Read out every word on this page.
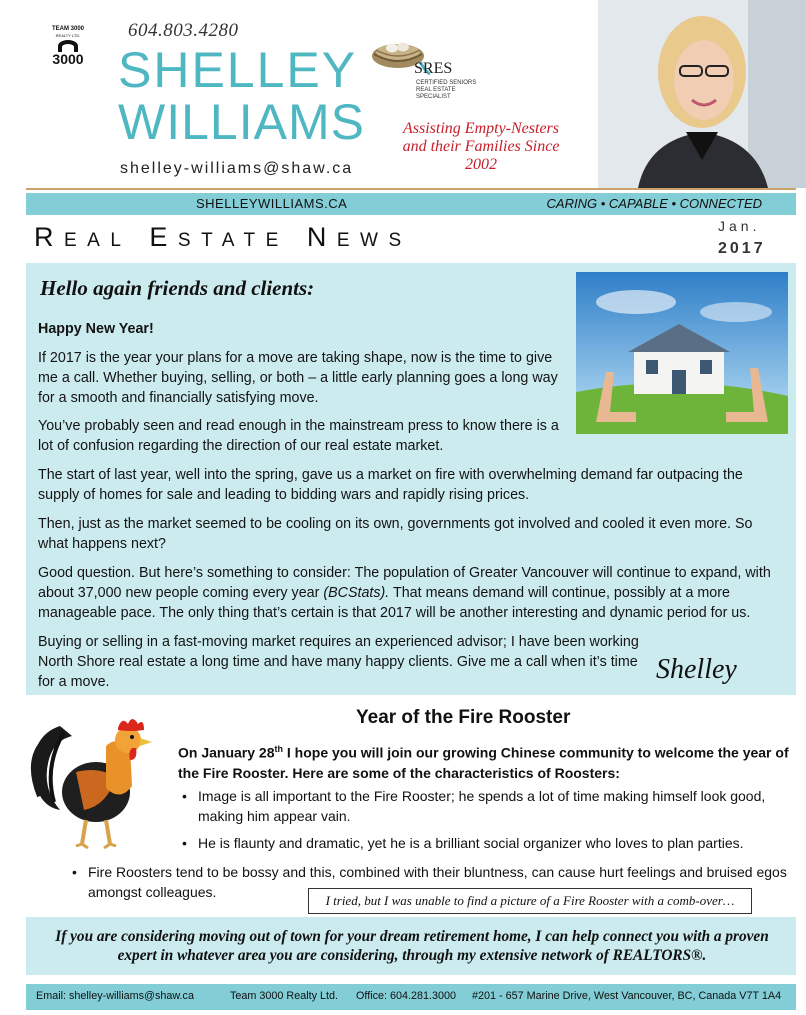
TEAM 3000
REALTY LTD.
3000
604.803.4280
SHELLEY
WILLIAMS
shelley-williams@shaw.ca
SRES
CERTIFIED SENIORS REAL ESTATE SPECIALIST
Assisting Empty-Nesters and their Families Since 2002
SHELLEYWILLIAMS.CA	CARING • CAPABLE • CONNECTED
Real Estate News	Jan.
2017
Hello again friends and clients:
Happy New Year!
If 2017 is the year your plans for a move are taking shape, now is the time to give me a call. Whether buying, selling, or both – a little early planning goes a long way for a smooth and financially satisfying move.
You’ve probably seen and read enough in the mainstream press to know there is a lot of confusion regarding the direction of our real estate market.
The start of last year, well into the spring, gave us a market on fire with overwhelming demand far outpacing the supply of homes for sale and leading to bidding wars and rapidly rising prices.
Then, just as the market seemed to be cooling on its own, governments got involved and cooled it even more. So what happens next?
Good question. But here’s something to consider: The population of Greater Vancouver will continue to expand, with about 37,000 new people coming every year (BCStats). That means demand will continue, possibly at a more manageable pace. The only thing that’s certain is that 2017 will be another interesting and dynamic period for us.
Buying or selling in a fast-moving market requires an experienced advisor; I have been working North Shore real estate a long time and have many happy clients. Give me a call when it’s time for a move.	Shelley
Year of the Fire Rooster
On January 28th I hope you will join our growing Chinese community to welcome the year of the Fire Rooster. Here are some of the characteristics of Roosters:
• Image is all important to the Fire Rooster; he spends a lot of time making himself look good, making him appear vain.
• He is flaunty and dramatic, yet he is a brilliant social organizer who loves to plan parties.
• Fire Roosters tend to be bossy and this, combined with their bluntness, can cause hurt feelings and bruised egos amongst colleagues.
I tried, but I was unable to find a picture of a Fire Rooster with a comb-over…
If you are considering moving out of town for your dream retirement home, I can help connect you with a proven expert in whatever area you are considering, through my extensive network of REALTORS®.
Email: shelley-williams@shaw.ca	Team 3000 Realty Ltd. Office: 604.281.3000 #201 - 657 Marine Drive, West Vancouver, BC, Canada V7T 1A4
